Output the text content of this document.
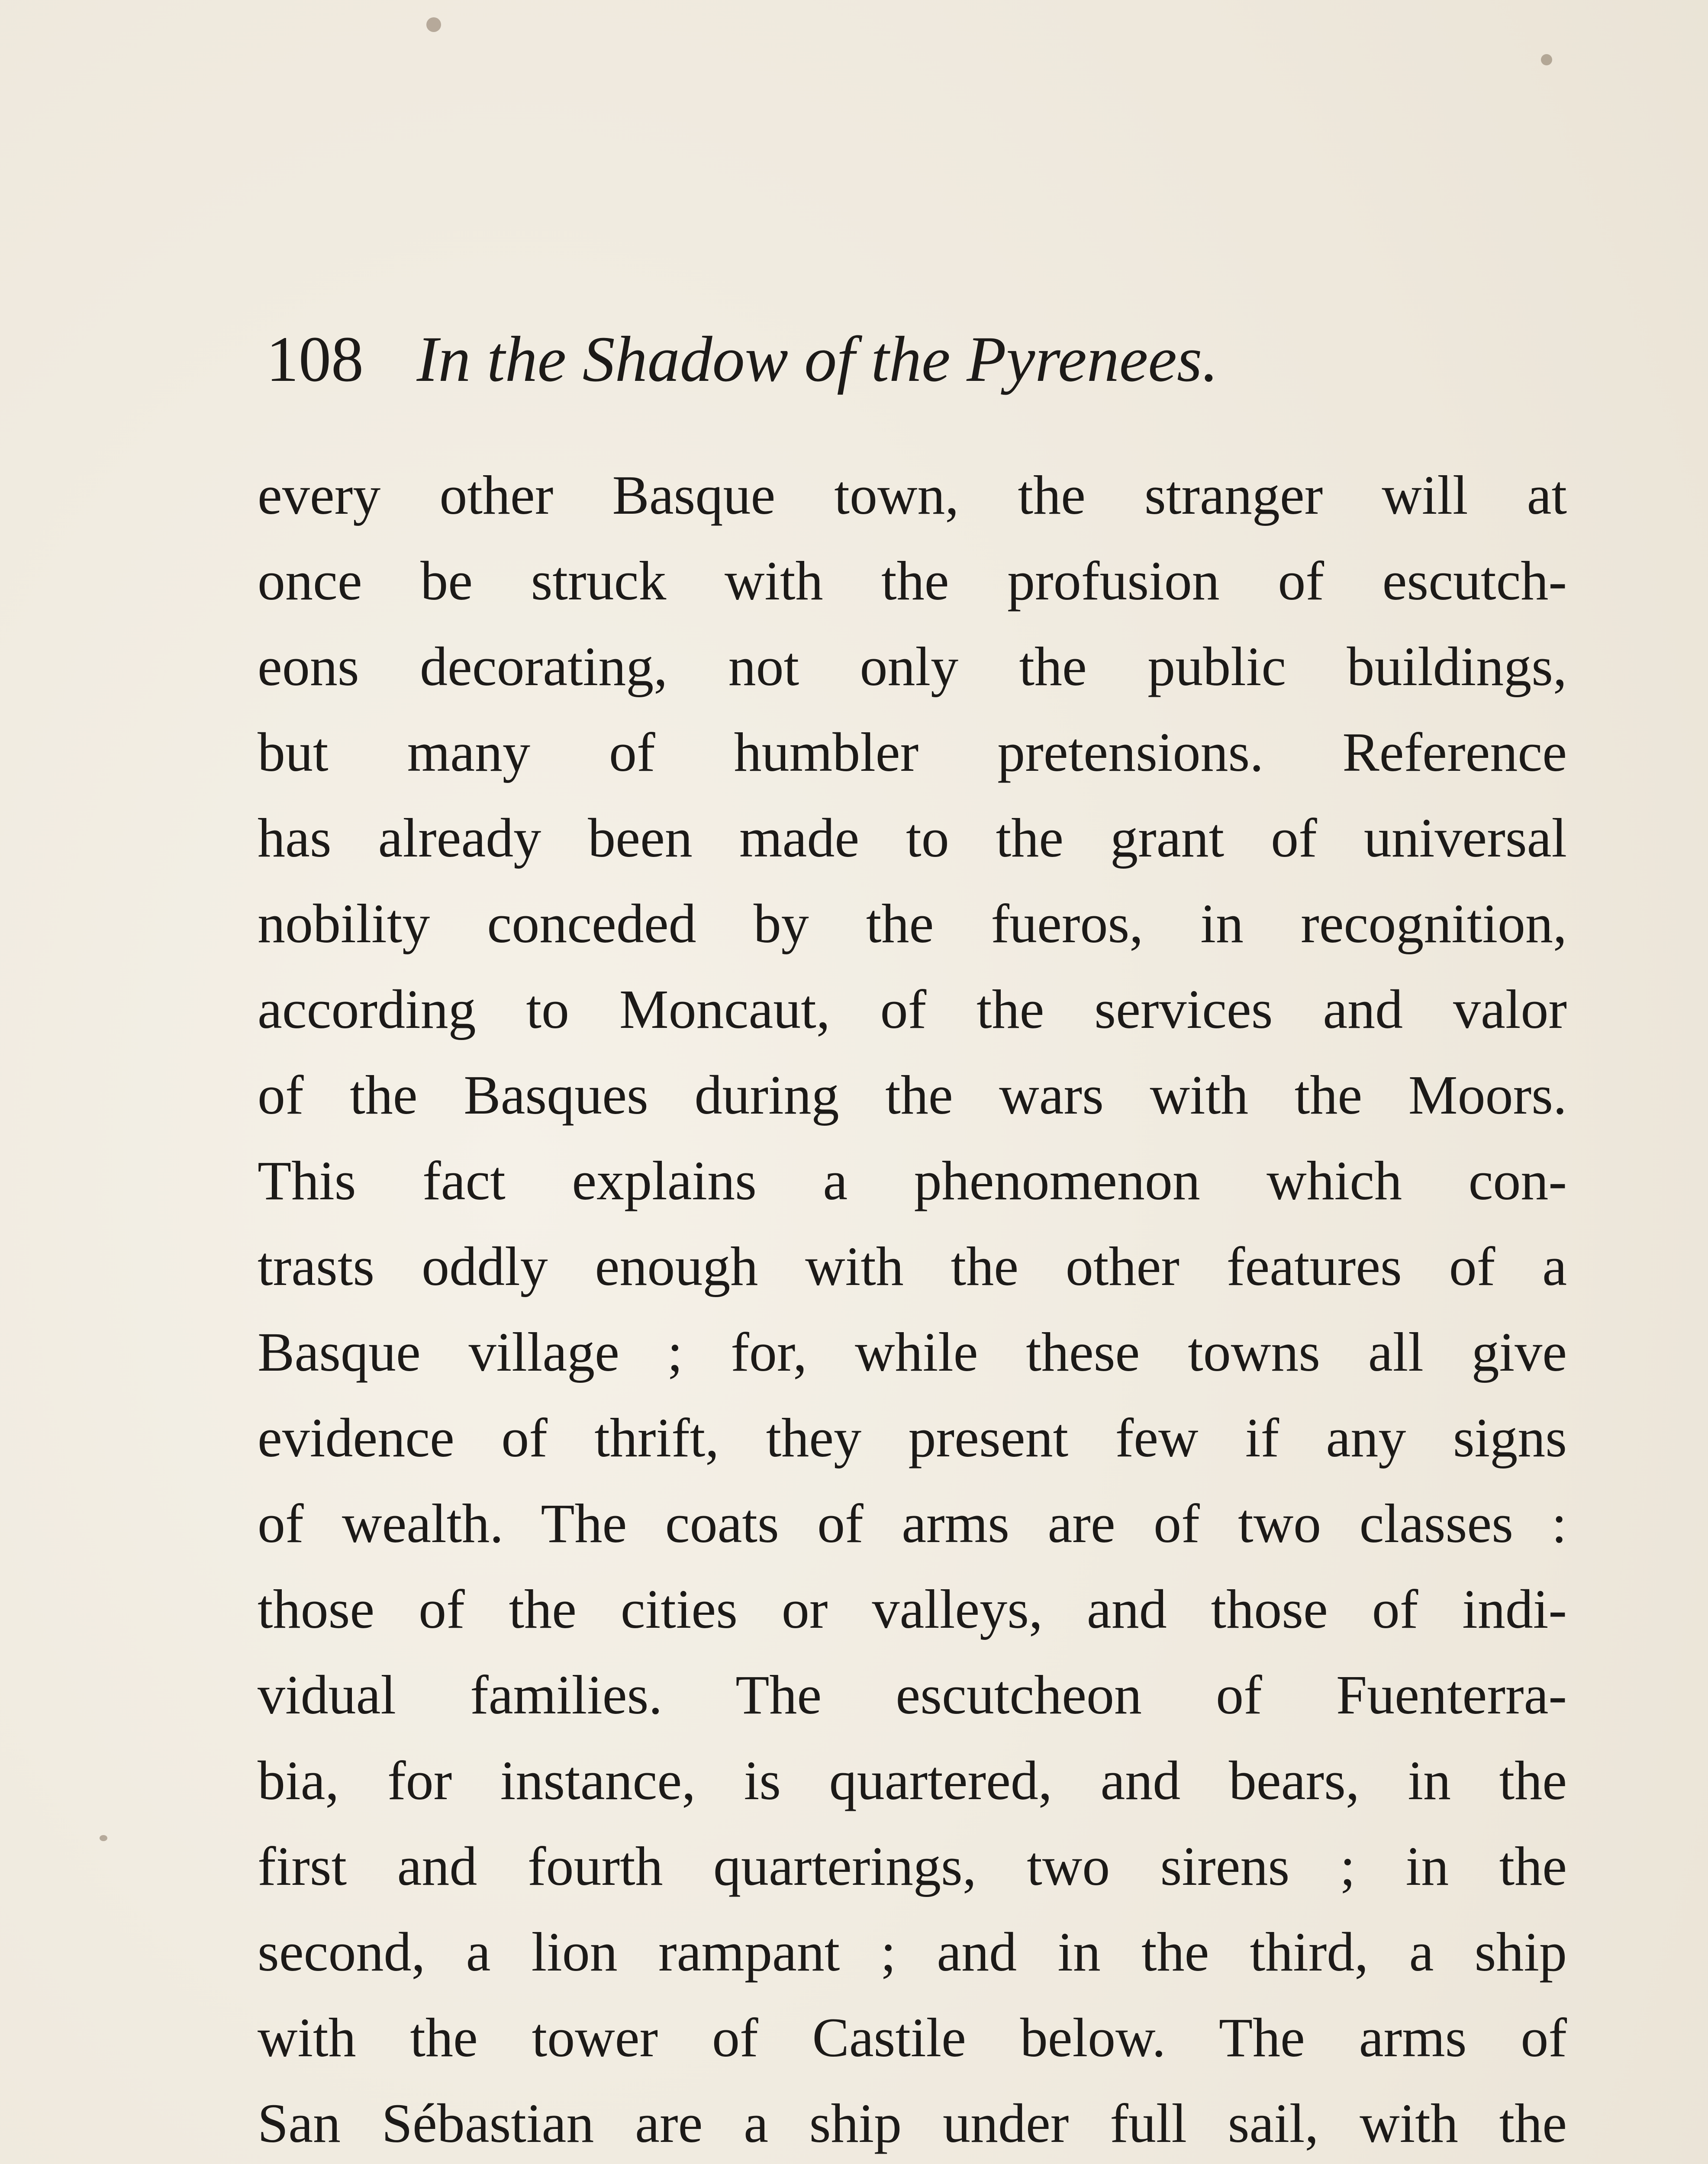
108 In the Shadow of the Pyrenees.
every other Basque town, the stranger will at
once be struck with the profusion of escutch-
eons decorating, not only the public buildings,
but many of humbler pretensions. Reference
has already been made to the grant of universal
nobility conceded by the fueros, in recognition,
according to Moncaut, of the services and valor
of the Basques during the wars with the Moors.
This fact explains a phenomenon which con-
trasts oddly enough with the other features of a
Basque village ; for, while these towns all give
evidence of thrift, they present few if any signs
of wealth. The coats of arms are of two classes :
those of the cities or valleys, and those of indi-
vidual families. The escutcheon of Fuenterra-
bia, for instance, is quartered, and bears, in the
first and fourth quarterings, two sirens ; in the
second, a lion rampant ; and in the third, a ship
with the tower of Castile below. The arms of
San Sébastian are a ship under full sail, with the
